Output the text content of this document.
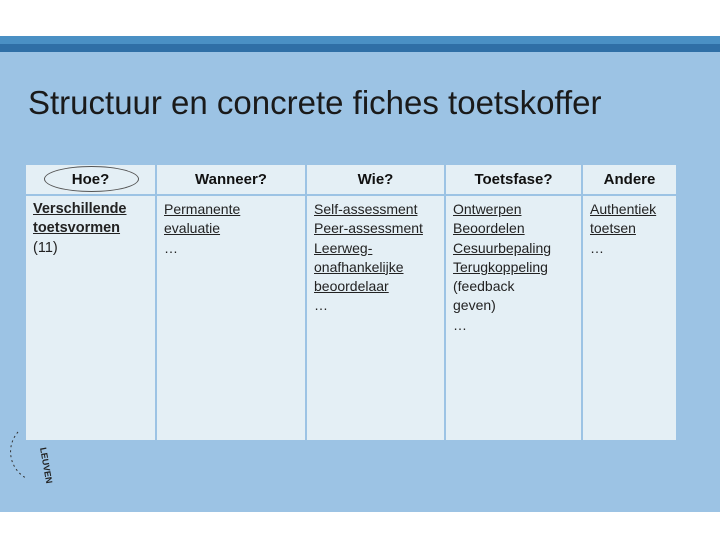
Structuur en concrete fiches toetskoffer
Hoe?
Verschillende
toetsvormen
(11)
Wanneer?
Permanente
evaluatie
…
Wie?
Self-assessment
Peer-assessment
Leerweg-
onafhankelijke
beoordelaar
…
Toetsfase?
Ontwerpen
Beoordelen
Cesuurbepaling
Terugkoppeling
(feedback
geven)
…
Andere
Authentiek
toetsen
…
LEUVEN
